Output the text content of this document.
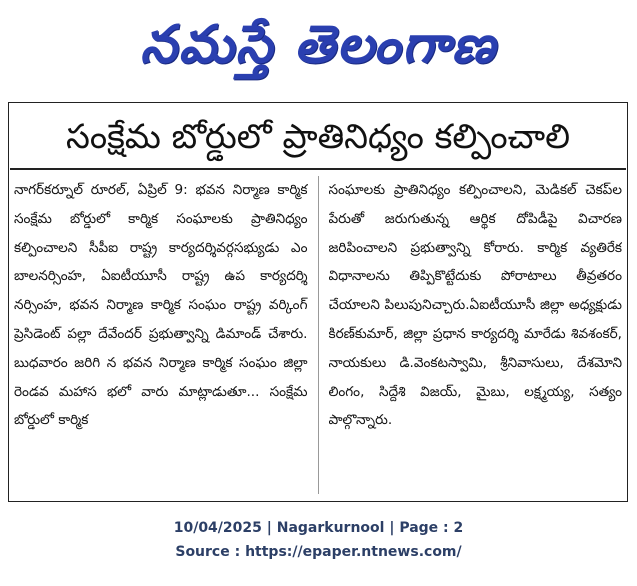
నమస్తే తెలంగాణ
సంక్షేమ బోర్డులో ప్రాతినిధ్యం కల్పించాలి
నాగర్‌కర్నూల్ రూరల్, ఏప్రిల్ 9: భవన నిర్మాణ కార్మిక సంక్షేమ బోర్డులో కార్మిక సంఘాలకు ప్రాతినిధ్యం కల్పించాలని సీపీఐ రాష్ట్ర కార్యదర్శివర్గసభ్యుడు ఎం బాలనర్సింహ, ఏఐటీయూసీ రాష్ట్ర ఉప కార్యదర్శి నర్సింహ, భవన నిర్మాణ కార్మిక సంఘం రాష్ట్ర వర్కింగ్ ప్రెసిడెంట్ పల్లా దేవేందర్ ప్రభుత్వాన్ని డిమాండ్ చేశారు. బుధవారం జరిగి న భవన నిర్మాణ కార్మిక సంఘం జిల్లా రెండవ మహాస భలో వారు మాట్లాడుతూ... సంక్షేమ బోర్డులో కార్మిక
సంఘాలకు ప్రాతినిధ్యం కల్పించాలని, మెడికల్ చెకప్‌ల పేరుతో జరుగుతున్న ఆర్థిక దోపిడీపై విచారణ జరిపించాలని ప్రభుత్వాన్ని కోరారు. కార్మిక వ్యతిరేక విధానాలను తిప్పికొట్టేదుకు పోరాటాలు తీవ్రతరం చేయాలని పిలుపునిచ్చారు.ఏఐటీయూసీ జిల్లా అధ్యక్షుడు కిరణ్‌కుమార్, జిల్లా ప్రధాన కార్యదర్శి మారేడు శివశంకర్, నాయకులు డి.వెంకటస్వామి, శ్రీనివాసులు, దేశమోని లింగం, సిద్దేశి విజయ్, మైబు, లక్ష్మయ్య, సత్యం పాల్గొన్నారు.
10/04/2025 | Nagarkurnool | Page : 2
Source : https://epaper.ntnews.com/
